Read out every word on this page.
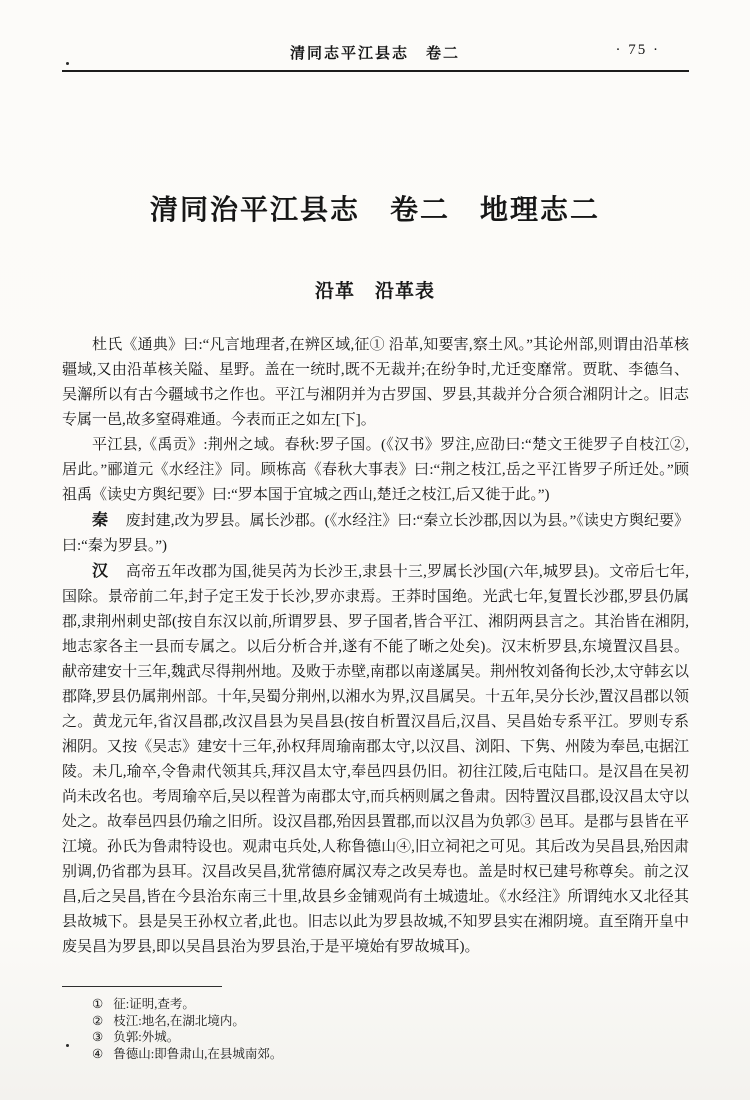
清同志平江县志　卷二	· 75 ·
清同治平江县志　卷二　地理志二
沿革　沿革表

杜氏《通典》曰:“凡言地理者,在辨区域,征① 沿革,知要害,察土风。”其论州部,则谓由沿革核疆域,又由沿革核关隘、星野。盖在一统时,既不无裁并;在纷争时,尤迁变靡常。贾耽、李德刍、吴澥所以有古今疆域书之作也。平江与湘阴并为古罗国、罗县,其裁并分合须合湘阴计之。旧志专属一邑,故多窒碍难通。今表而正之如左[下]。

平江县,《禹贡》:荆州之域。春秋:罗子国。(《汉书》罗注,应劭曰:“楚文王徙罗子自枝江②,居此。”郦道元《水经注》同。顾栋高《春秋大事表》曰:“荆之枝江,岳之平江皆罗子所迁处。”顾祖禹《读史方舆纪要》曰:“罗本国于宜城之西山,楚迁之枝江,后又徙于此。”)

秦 废封建,改为罗县。属长沙郡。(《水经注》曰:“秦立长沙郡,因以为县。”《读史方舆纪要》曰:“秦为罗县。”)

汉 高帝五年改郡为国,徙吴芮为长沙王,隶县十三,罗属长沙国(六年,城罗县)。文帝后七年,国除。景帝前二年,封子定王发于长沙,罗亦隶焉。王莽时国绝。光武七年,复置长沙郡,罗县仍属郡,隶荆州刺史部(按自东汉以前,所谓罗县、罗子国者,皆合平江、湘阴两县言之。其治皆在湘阴,地志家各主一县而专属之。以后分析合并,遂有不能了晰之处矣)。汉末析罗县,东境置汉昌县。献帝建安十三年,魏武尽得荆州地。及败于赤壁,南郡以南遂属吴。荆州牧刘备徇长沙,太守韩玄以郡降,罗县仍属荆州部。十年,吴蜀分荆州,以湘水为界,汉昌属吴。十五年,吴分长沙,置汉昌郡以领之。黄龙元年,省汉昌郡,改汉昌县为吴昌县(按自析置汉昌后,汉昌、吴昌始专系平江。罗则专系湘阴。又按《吴志》建安十三年,孙权拜周瑜南郡太守,以汉昌、浏阳、下隽、州陵为奉邑,屯据江陵。未几,瑜卒,令鲁肃代领其兵,拜汉昌太守,奉邑四县仍旧。初往江陵,后屯陆口。是汉昌在吴初尚未改名也。考周瑜卒后,吴以程普为南郡太守,而兵柄则属之鲁肃。因特置汉昌郡,设汉昌太守以处之。故奉邑四县仍瑜之旧所。设汉昌郡,殆因县置郡,而以汉昌为负郭③ 邑耳。是郡与县皆在平江境。孙氏为鲁肃特设也。观肃屯兵处,人称鲁德山④,旧立祠祀之可见。其后改为吴昌县,殆因肃别调,仍省郡为县耳。汉昌改吴昌,犹常德府属汉寿之改吴寿也。盖是时权已建号称尊矣。前之汉昌,后之吴昌,皆在今县治东南三十里,故县乡金铺观尚有土城遗址。《水经注》所谓纯水又北径其县故城下。县是吴王孙权立者,此也。旧志以此为罗县故城,不知罗县实在湘阴境。直至隋开皇中废吴昌为罗县,即以吴昌县治为罗县治,于是平境始有罗故城耳)。

① 征:证明,查考。
② 枝江:地名,在湖北境内。
③ 负郭:外城。
④ 鲁德山:即鲁肃山,在县城南郊。
